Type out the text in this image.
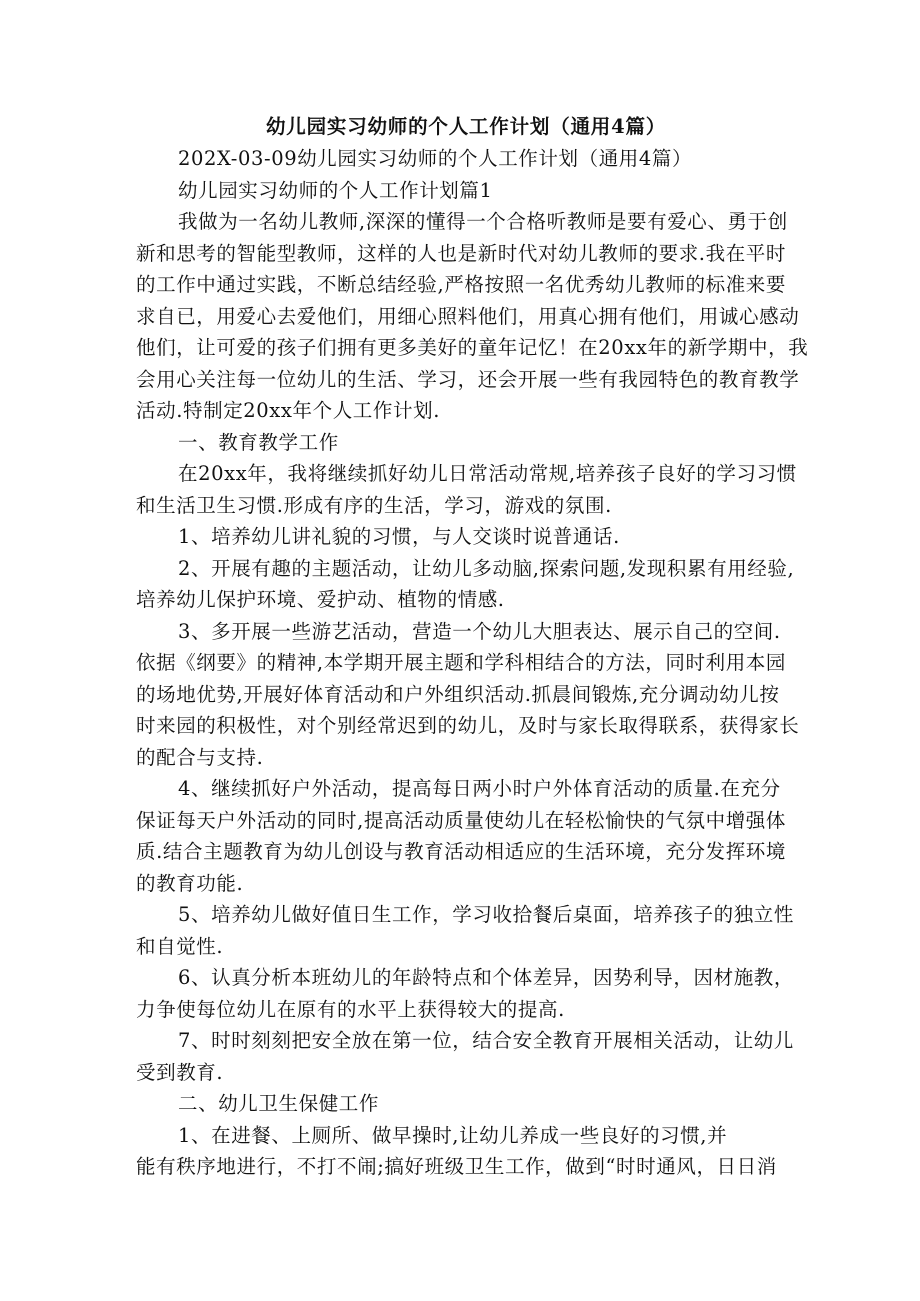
幼儿园实习幼师的个人工作计划（通用4篇）
202X-03-09幼儿园实习幼师的个人工作计划（通用4篇）
幼儿园实习幼师的个人工作计划篇1
我做为一名幼儿教师,深深的懂得一个合格听教师是要有爱心、勇于创
新和思考的智能型教师，这样的人也是新时代对幼儿教师的要求.我在平时
的工作中通过实践，不断总结经验,严格按照一名优秀幼儿教师的标准来要
求自已，用爱心去爱他们，用细心照料他们，用真心拥有他们，用诚心感动
他们，让可爱的孩子们拥有更多美好的童年记忆！在20xx年的新学期中，我
会用心关注每一位幼儿的生活、学习，还会开展一些有我园特色的教育教学
活动.特制定20xx年个人工作计划.
一、教育教学工作
在20xx年，我将继续抓好幼儿日常活动常规,培养孩子良好的学习习惯
和生活卫生习惯.形成有序的生活，学习，游戏的氛围.
1、培养幼儿讲礼貌的习惯，与人交谈时说普通话.
2、开展有趣的主题活动，让幼儿多动脑,探索问题,发现积累有用经验,
培养幼儿保护环境、爱护动、植物的情感.
3、多开展一些游艺活动，营造一个幼儿大胆表达、展示自己的空间.
依据《纲要》的精神,本学期开展主题和学科相结合的方法，同时利用本园
的场地优势,开展好体育活动和户外组织活动.抓晨间锻炼,充分调动幼儿按
时来园的积极性，对个别经常迟到的幼儿，及时与家长取得联系，获得家长
的配合与支持.
4、继续抓好户外活动，提高每日两小时户外体育活动的质量.在充分
保证每天户外活动的同时,提高活动质量使幼儿在轻松愉快的气氛中增强体
质.结合主题教育为幼儿创设与教育活动相适应的生活环境，充分发挥环境
的教育功能.
5、培养幼儿做好值日生工作，学习收拾餐后桌面，培养孩子的独立性
和自觉性.
6、认真分析本班幼儿的年龄特点和个体差异，因势利导，因材施教，
力争使每位幼儿在原有的水平上获得较大的提高.
7、时时刻刻把安全放在第一位，结合安全教育开展相关活动，让幼儿
受到教育.
二、幼儿卫生保健工作
1、在进餐、上厕所、做早操时,让幼儿养成一些良好的习惯,并
能有秩序地进行，不打不闹;搞好班级卫生工作，做到“时时通风，日日消
